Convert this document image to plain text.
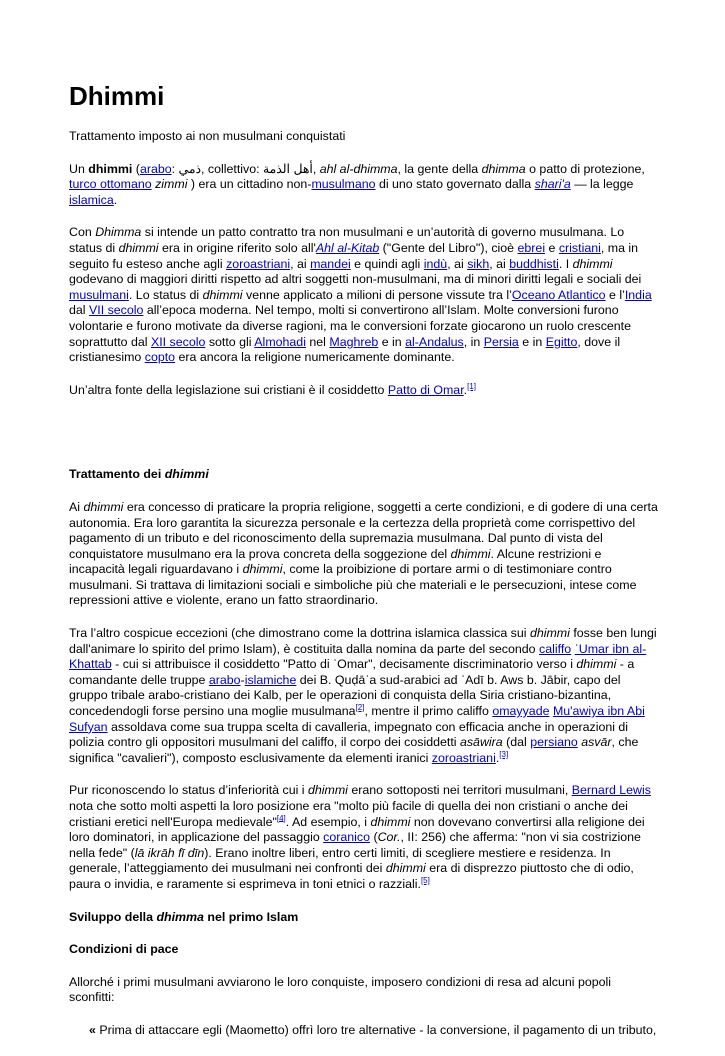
Dhimmi

Trattamento imposto ai non musulmani conquistati

Un dhimmi (arabo: ذمي, collettivo: أهل الذمة, ahl al-dhimma, la gente della dhimma o patto di protezione, turco ottomano zimmi ) era un cittadino non-musulmano di uno stato governato dalla shari'a — la legge islamica.

Con Dhimma si intende un patto contratto tra non musulmani e un’autorità di governo musulmana. Lo status di dhimmi era in origine riferito solo all'Ahl al-Kitab ("Gente del Libro"), cioè ebrei e cristiani, ma in seguito fu esteso anche agli zoroastriani, ai mandei e quindi agli indù, ai sikh, ai buddhisti. I dhimmi godevano di maggiori diritti rispetto ad altri soggetti non-musulmani, ma di minori diritti legali e sociali dei musulmani. Lo status di dhimmi venne applicato a milioni di persone vissute tra l’Oceano Atlantico e l’India dal VII secolo all’epoca moderna. Nel tempo, molti si convertirono all’Islam. Molte conversioni furono volontarie e furono motivate da diverse ragioni, ma le conversioni forzate giocarono un ruolo crescente soprattutto dal XII secolo sotto gli Almohadi nel Maghreb e in al-Andalus, in Persia e in Egitto, dove il cristianesimo copto era ancora la religione numericamente dominante.

Un’altra fonte della legislazione sui cristiani è il cosiddetto Patto di Omar.[1]

Trattamento dei dhimmi

Ai dhimmi era concesso di praticare la propria religione, soggetti a certe condizioni, e di godere di una certa autonomia. Era loro garantita la sicurezza personale e la certezza della proprietà come corrispettivo del pagamento di un tributo e del riconoscimento della supremazia musulmana. Dal punto di vista del conquistatore musulmano era la prova concreta della soggezione del dhimmi. Alcune restrizioni e incapacità legali riguardavano i dhimmi, come la proibizione di portare armi o di testimoniare contro musulmani. Si trattava di limitazioni sociali e simboliche più che materiali e le persecuzioni, intese come repressioni attive e violente, erano un fatto straordinario.

Tra l’altro cospicue eccezioni (che dimostrano come la dottrina islamica classica sui dhimmi fosse ben lungi dall'animare lo spirito del primo Islam), è costituita dalla nomina da parte del secondo califfo ʿUmar ibn al-Khattab - cui si attribuisce il cosiddetto "Patto di ʿOmar", decisamente discriminatorio verso i dhimmi - a comandante delle truppe arabo-islamiche dei B. Quḍāʿa sud-arabici ad ʿAdī b. Aws b. Jābir, capo del gruppo tribale arabo-cristiano dei Kalb, per le operazioni di conquista della Siria cristiano-bizantina, concedendogli forse persino una moglie musulmana[2], mentre il primo califfo omayyade Mu'awiya ibn Abi Sufyan assoldava come sua truppa scelta di cavalleria, impegnato con efficacia anche in operazioni di polizia contro gli oppositori musulmani del califfo, il corpo dei cosiddetti asāwira (dal persiano asvār, che significa "cavalieri"), composto esclusivamente da elementi iranici zoroastriani.[3]

Pur riconoscendo lo status d’inferiorità cui i dhimmi erano sottoposti nei territori musulmani, Bernard Lewis nota che sotto molti aspetti la loro posizione era "molto più facile di quella dei non cristiani o anche dei cristiani eretici nell'Europa medievale"[4]. Ad esempio, i dhimmi non dovevano convertirsi alla religione dei loro dominatori, in applicazione del passaggio coranico (Cor., II: 256) che afferma: "non vi sia costrizione nella fede" (lā ikrāh fī dīn). Erano inoltre liberi, entro certi limiti, di scegliere mestiere e residenza. In generale, l’atteggiamento dei musulmani nei confronti dei dhimmi era di disprezzo piuttosto che di odio, paura o invidia, e raramente si esprimeva in toni etnici o razziali.[5]

Sviluppo della dhimma nel primo Islam

Condizioni di pace

Allorché i primi musulmani avviarono le loro conquiste, imposero condizioni di resa ad alcuni popoli sconfitti:

« Prima di attaccare egli (Maometto) offrì loro tre alternative - la conversione, il pagamento di un tributo,
